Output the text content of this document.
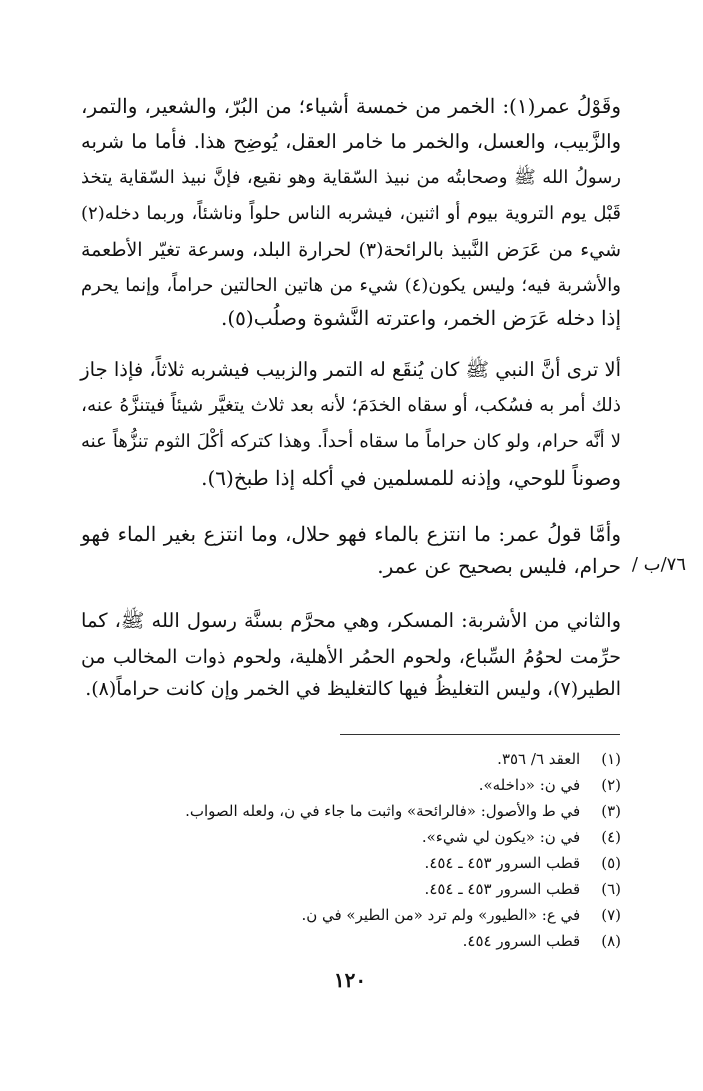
وقَوْلُ عمر(١): الخمر من خمسة أشياء؛ من البُرّ، والشعير، والتمر،
والزَّبيب، والعسل، والخمر ما خامر العقل، يُوضِح هذا. فأما ما شربه
رسولُ الله ﷺ وصحابتُه من نبيذ السّقاية وهو نقيع، فإنَّ نبيذ السّقاية يتخذ
قَبْل يوم التروية بيوم أو اثنين، فيشربه الناس حلواً وناشئاً، وربما دخله(٢)
شيء من عَرَض النَّبيذ بالرائحة(٣) لحرارة البلد، وسرعة تغيّر الأطعمة
والأشربة فيه؛ وليس يكون(٤) شيء من هاتين الحالتين حراماً، وإنما يحرم
إذا دخله عَرَض الخمر، واعترته النَّشوة وصلُب(٥).
ألا ترى أنَّ النبي ﷺ كان يُنقَع له التمر والزبيب فيشربه ثلاثاً، فإذا جاز
ذلك أمر به فسُكب، أو سقاه الخدَمَ؛ لأنه بعد ثلاث يتغيَّر شيئاً فيتنزَّهُ عنه،
لا أنَّه حرام، ولو كان حراماً ما سقاه أحداً. وهذا كتركه أكْلَ الثوم تنزُّهاً عنه
وصوناً للوحي، وإذنه للمسلمين في أكله إذا طبخ(٦).
وأمَّا قولُ عمر: ما انتزع بالماء فهو حلال، وما انتزع بغير الماء فهو
حرام، فليس بصحيح عن عمر. ٧٦/ب /
والثاني من الأشربة: المسكر، وهي محرَّم بسنَّة رسول الله ﷺ، كما
حرِّمت لحوُمُ السِّباع، ولحوم الحمُر الأهلية، ولحوم ذوات المخالب من
الطير(٧)، وليس التغليظُ فيها كالتغليظ في الخمر وإن كانت حراماً(٨).
(١) العقد ٦/ ٣٥٦.
(٢) في ن: «داخله».
(٣) في ط والأصول: «فالرائحة» واثبت ما جاء في ن، ولعله الصواب.
(٤) في ن: «يكون لي شيء».
(٥) قطب السرور ٤٥٣ ـ ٤٥٤.
(٦) قطب السرور ٤٥٣ ـ ٤٥٤.
(٧) في ع: «الطيور» ولم ترد «من الطير» في ن.
(٨) قطب السرور ٤٥٤.
١٢٠
